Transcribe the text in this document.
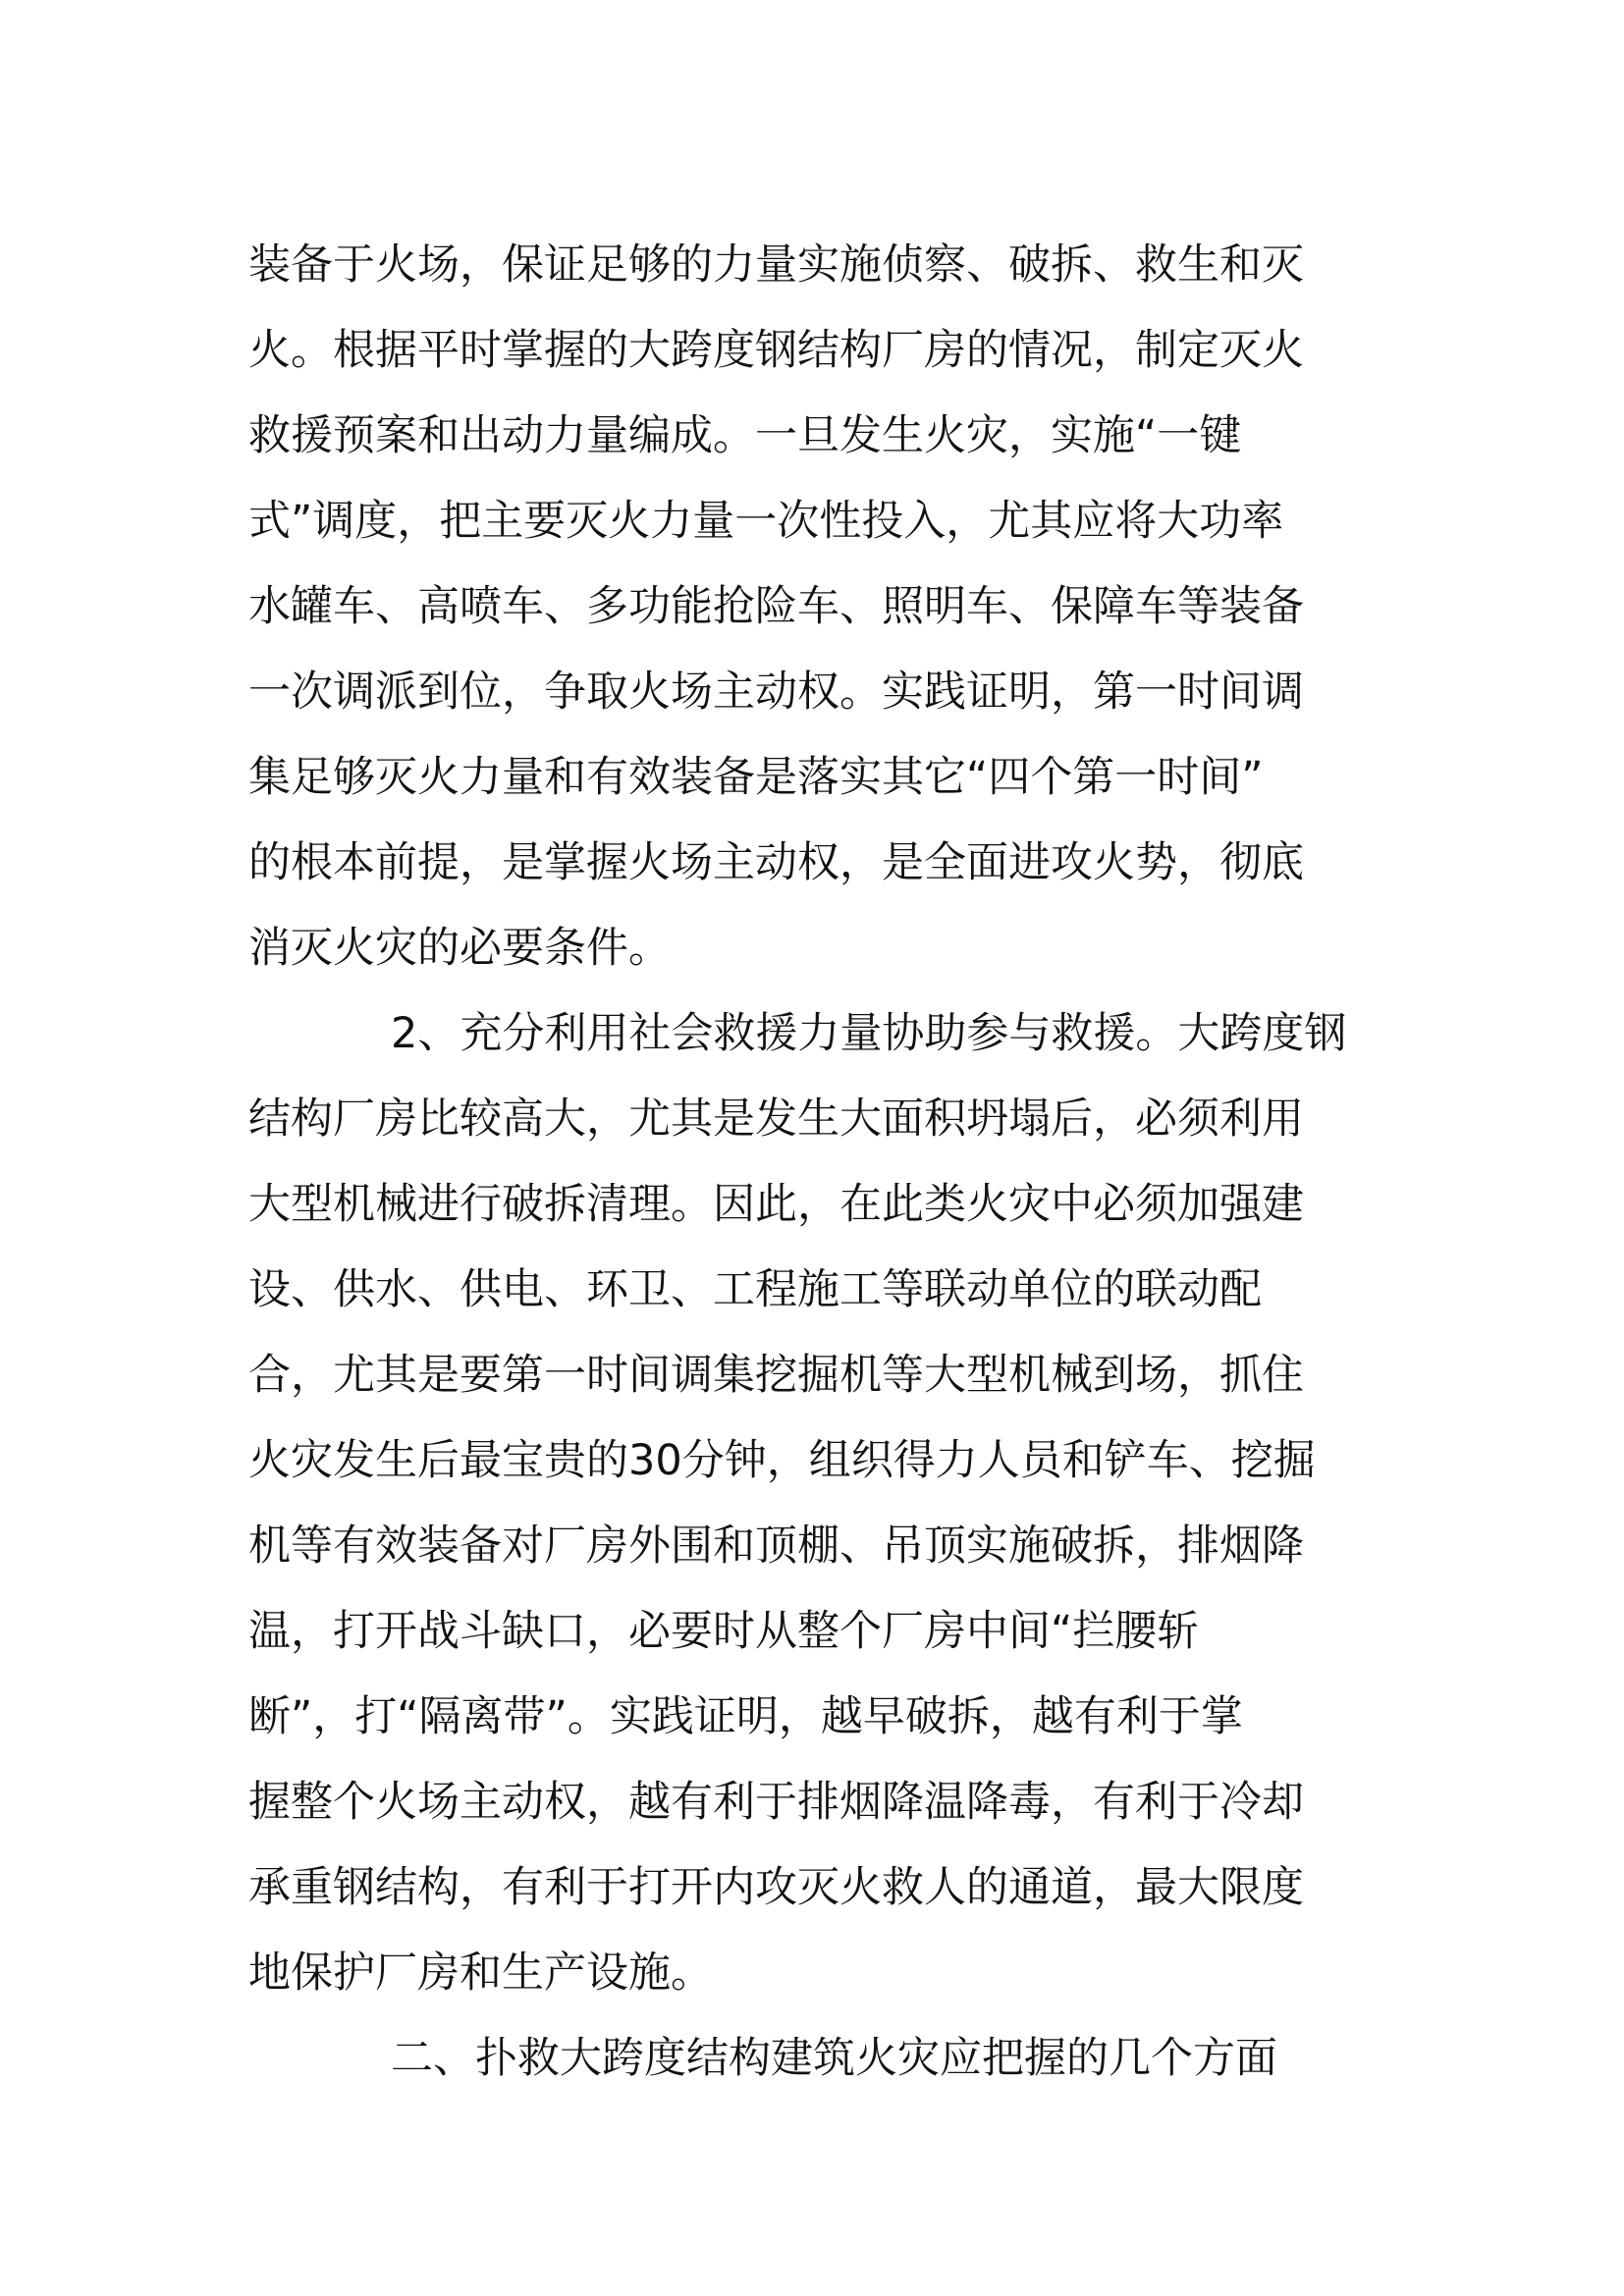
装备于火场，保证足够的力量实施侦察、破拆、救生和灭
火。根据平时掌握的大跨度钢结构厂房的情况，制定灭火
救援预案和出动力量编成。一旦发生火灾，实施“一键
式”调度，把主要灭火力量一次性投入，尤其应将大功率
水罐车、高喷车、多功能抢险车、照明车、保障车等装备
一次调派到位，争取火场主动权。实践证明，第一时间调
集足够灭火力量和有效装备是落实其它“四个第一时间”
的根本前提，是掌握火场主动权，是全面进攻火势，彻底
消灭火灾的必要条件。
2、充分利用社会救援力量协助参与救援。大跨度钢
结构厂房比较高大，尤其是发生大面积坍塌后，必须利用
大型机械进行破拆清理。因此，在此类火灾中必须加强建
设、供水、供电、环卫、工程施工等联动单位的联动配
合，尤其是要第一时间调集挖掘机等大型机械到场，抓住
火灾发生后最宝贵的30分钟，组织得力人员和铲车、挖掘
机等有效装备对厂房外围和顶棚、吊顶实施破拆，排烟降
温，打开战斗缺口，必要时从整个厂房中间“拦腰斩
断”，打“隔离带”。实践证明，越早破拆，越有利于掌
握整个火场主动权，越有利于排烟降温降毒，有利于冷却
承重钢结构，有利于打开内攻灭火救人的通道，最大限度
地保护厂房和生产设施。
二、扑救大跨度结构建筑火灾应把握的几个方面
